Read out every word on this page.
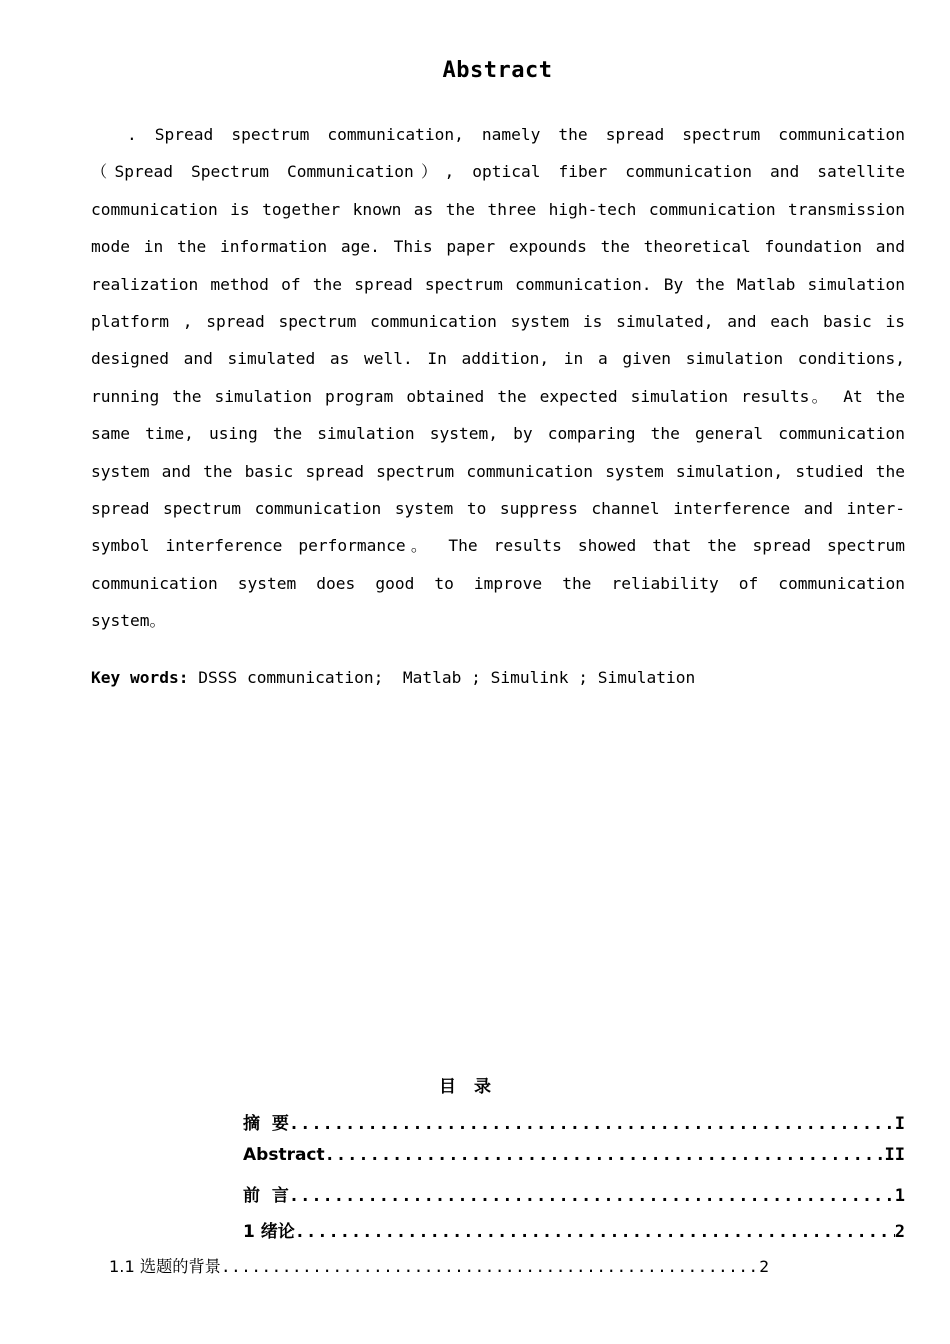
Abstract

. Spread spectrum communication, namely the spread spectrum communication（Spread Spectrum Communication）, optical fiber communication and satellite communication is together known as the three high-tech communication transmission mode in the information age. This paper expounds the theoretical foundation and realization method of the spread spectrum communication. By the Matlab simulation platform , spread spectrum communication system is simulated, and each basic is designed and simulated as well. In addition, in a given simulation conditions, running the simulation program obtained the expected simulation results。 At the same time, using the simulation system, by comparing the general communication system and the basic spread spectrum communication system simulation, studied the spread spectrum communication system to suppress channel interference and inter-symbol interference performance。 The results showed that the spread spectrum communication system does good to improve the reliability of communication system。

Key words: DSSS communication;  Matlab ; Simulink ; Simulation
目 录
摘  要 .....	I
Abstract .....	II
前  言 .....	1
1 绪论 .....	2
1.1 选题的背景 .....	2
